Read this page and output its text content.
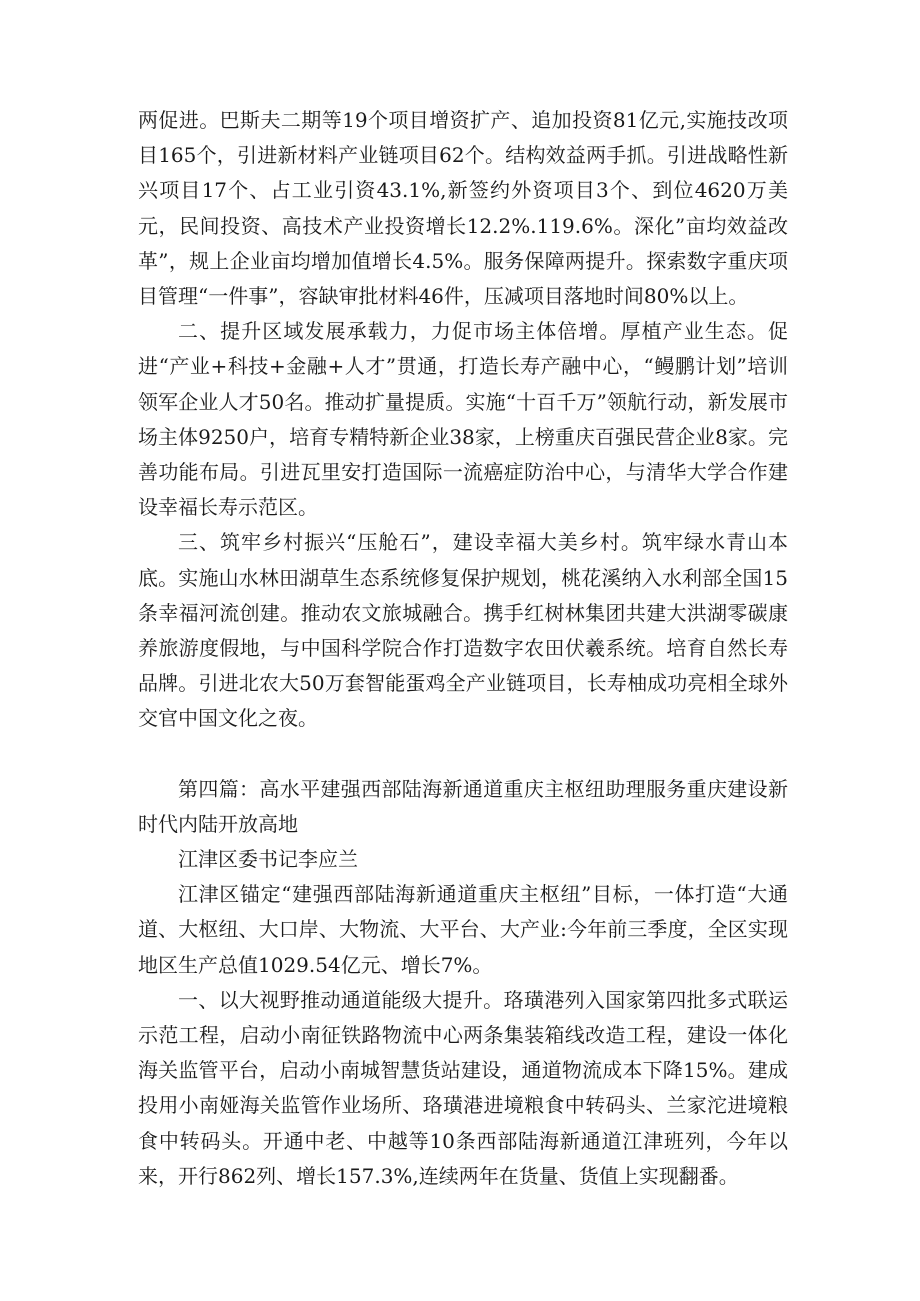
两促进。巴斯夫二期等19个项目增资扩产、追加投资81亿元,实施技改项目165个，引进新材料产业链项目62个。结构效益两手抓。引进战略性新兴项目17个、占工业引资43.1%,新签约外资项目3个、到位4620万美元，民间投资、高技术产业投资增长12.2%.119.6%。深化”亩均效益改革”，规上企业亩均增加值增长4.5%。服务保障两提升。探索数字重庆项目管理“一件事”，容缺审批材料46件，压减项目落地时间80%以上。

二、提升区域发展承载力，力促市场主体倍增。厚植产业生态。促进“产业+科技+金融+人才”贯通，打造长寿产融中心，“鳗鹏计划”培训领军企业人才50名。推动扩量提质。实施“十百千万”领航行动，新发展市场主体9250户，培育专精特新企业38家，上榜重庆百强民营企业8家。完善功能布局。引进瓦里安打造国际一流癌症防治中心，与清华大学合作建设幸福长寿示范区。

三、筑牢乡村振兴“压舱石”，建设幸福大美乡村。筑牢绿水青山本底。实施山水林田湖草生态系统修复保护规划，桃花溪纳入水利部全国15条幸福河流创建。推动农文旅城融合。携手红树林集团共建大洪湖零碳康养旅游度假地，与中国科学院合作打造数字农田伏羲系统。培育自然长寿品牌。引进北农大50万套智能蛋鸡全产业链项目，长寿柚成功亮相全球外交官中国文化之夜。

第四篇：高水平建强西部陆海新通道重庆主枢纽助理服务重庆建设新时代内陆开放高地

江津区委书记李应兰

江津区锚定“建强西部陆海新通道重庆主枢纽”目标，一体打造“大通道、大枢纽、大口岸、大物流、大平台、大产业:今年前三季度，全区实现地区生产总值1029.54亿元、增长7%。

一、以大视野推动通道能级大提升。珞璜港列入国家第四批多式联运示范工程，启动小南征铁路物流中心两条集装箱线改造工程，建设一体化海关监管平台，启动小南城智慧货站建设，通道物流成本下降15%。建成投用小南娅海关监管作业场所、珞璜港进境粮食中转码头、兰家沱进境粮食中转码头。开通中老、中越等10条西部陆海新通道江津班列，今年以来，开行862列、增长157.3%,连续两年在货量、货值上实现翻番。
